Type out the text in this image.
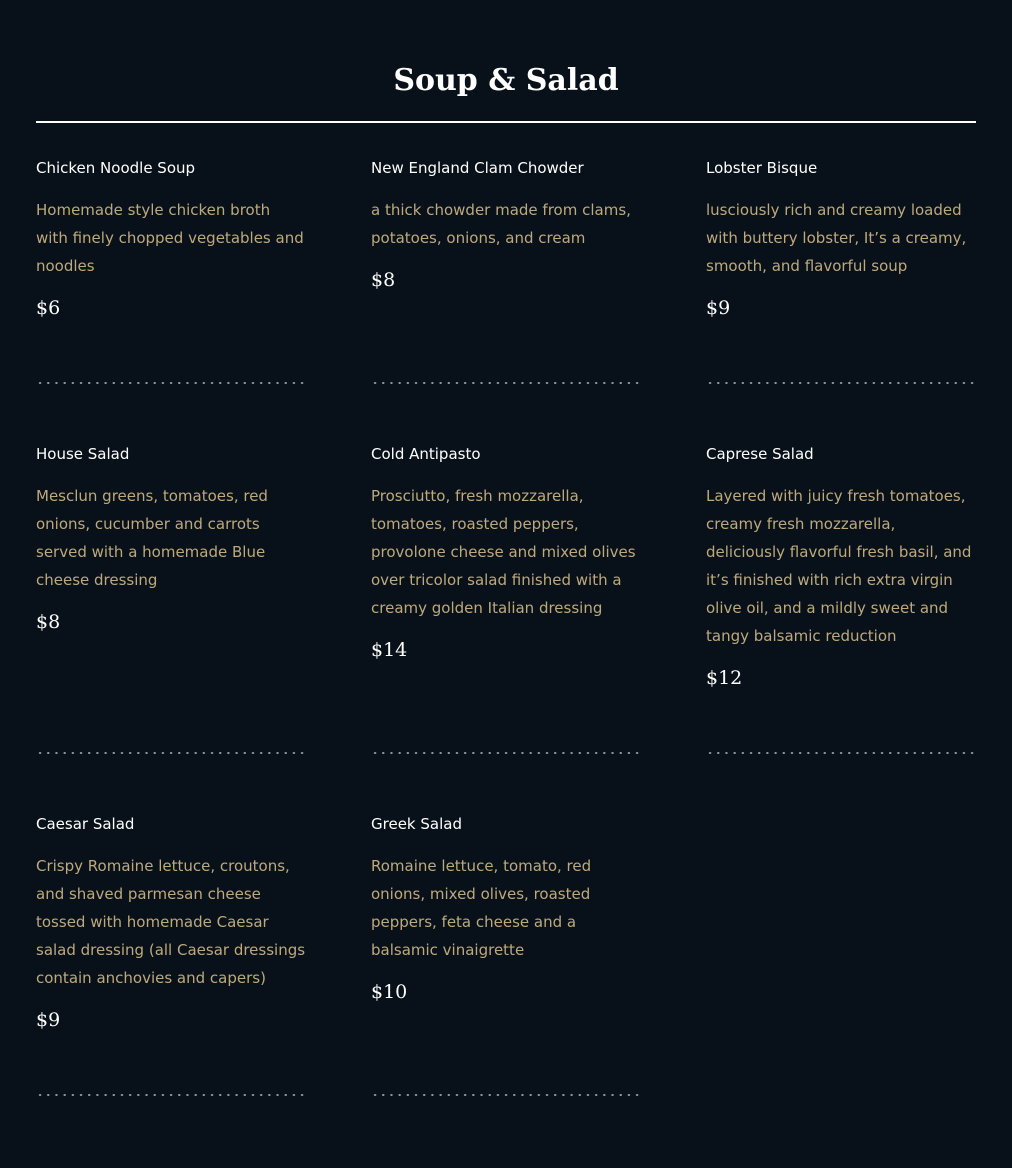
Soup & Salad
Chicken Noodle Soup
Homemade style chicken broth with finely chopped vegetables and noodles
$6
New England Clam Chowder
a thick chowder made from clams, potatoes, onions, and cream
$8
Lobster Bisque
lusciously rich and creamy loaded with buttery lobster, It’s a creamy, smooth, and flavorful soup
$9
House Salad
Mesclun greens, tomatoes, red onions, cucumber and carrots served with a homemade Blue cheese dressing
$8
Cold Antipasto
Prosciutto, fresh mozzarella, tomatoes, roasted peppers, provolone cheese and mixed olives over tricolor salad finished with a creamy golden Italian dressing
$14
Caprese Salad
Layered with juicy fresh tomatoes, creamy fresh mozzarella, deliciously flavorful fresh basil, and it’s finished with rich extra virgin olive oil, and a mildly sweet and tangy balsamic reduction
$12
Caesar Salad
Crispy Romaine lettuce, croutons, and shaved parmesan cheese tossed with homemade Caesar salad dressing (all Caesar dressings contain anchovies and capers)
$9
Greek Salad
Romaine lettuce, tomato, red onions, mixed olives, roasted peppers, feta cheese and a balsamic vinaigrette
$10
